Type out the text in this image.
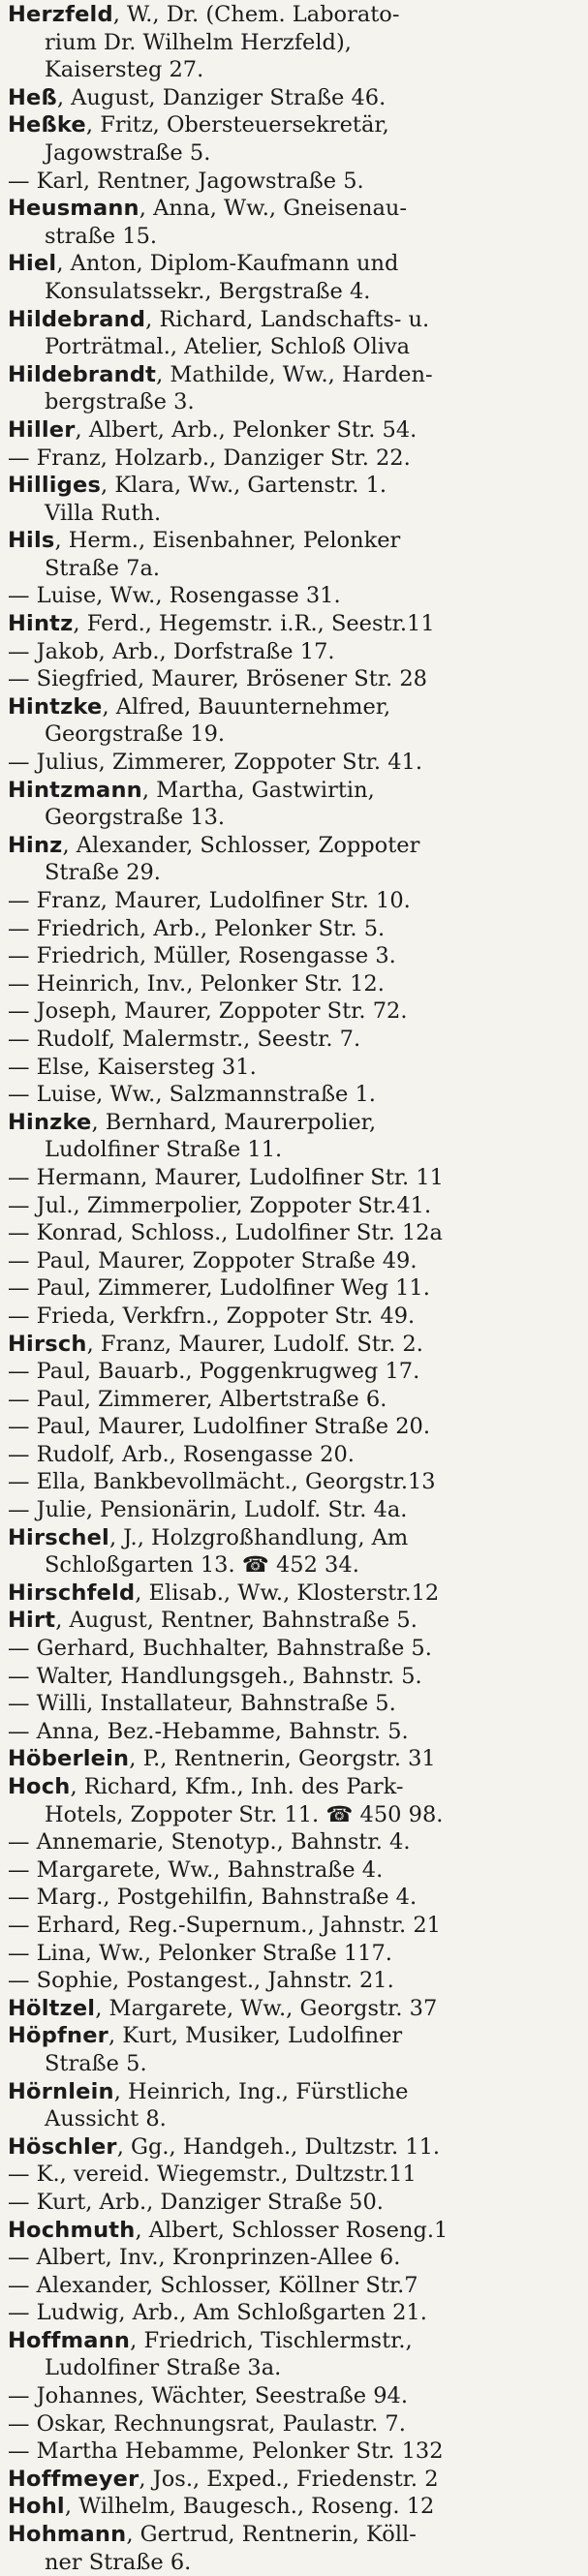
Herzfeld, W., Dr. (Chem. Laborato-
rium Dr. Wilhelm Herzfeld),
Kaisersteg 27.
Heß, August, Danziger Straße 46.
Heßke, Fritz, Obersteuersekretär,
Jagowstraße 5.
— Karl, Rentner, Jagowstraße 5.
Heusmann, Anna, Ww., Gneisenau-
straße 15.
Hiel, Anton, Diplom-Kaufmann und
Konsulatssekr., Bergstraße 4.
Hildebrand, Richard, Landschafts- u.
Porträtmal., Atelier, Schloß Oliva
Hildebrandt, Mathilde, Ww., Harden-
bergstraße 3.
Hiller, Albert, Arb., Pelonker Str. 54.
— Franz, Holzarb., Danziger Str. 22.
Hilliges, Klara, Ww., Gartenstr. 1.
Villa Ruth.
Hils, Herm., Eisenbahner, Pelonker
Straße 7a.
— Luise, Ww., Rosengasse 31.
Hintz, Ferd., Hegemstr. i.R., Seestr.11
— Jakob, Arb., Dorfstraße 17.
— Siegfried, Maurer, Brösener Str. 28
Hintzke, Alfred, Bauunternehmer,
Georgstraße 19.
— Julius, Zimmerer, Zoppoter Str. 41.
Hintzmann, Martha, Gastwirtin,
Georgstraße 13.
Hinz, Alexander, Schlosser, Zoppoter
Straße 29.
— Franz, Maurer, Ludolfiner Str. 10.
— Friedrich, Arb., Pelonker Str. 5.
— Friedrich, Müller, Rosengasse 3.
— Heinrich, Inv., Pelonker Str. 12.
— Joseph, Maurer, Zoppoter Str. 72.
— Rudolf, Malermstr., Seestr. 7.
— Else, Kaisersteg 31.
— Luise, Ww., Salzmannstraße 1.
Hinzke, Bernhard, Maurerpolier,
Ludolfiner Straße 11.
— Hermann, Maurer, Ludolfiner Str. 11
— Jul., Zimmerpolier, Zoppoter Str.41.
— Konrad, Schloss., Ludolfiner Str. 12a
— Paul, Maurer, Zoppoter Straße 49.
— Paul, Zimmerer, Ludolfiner Weg 11.
— Frieda, Verkfrn., Zoppoter Str. 49.
Hirsch, Franz, Maurer, Ludolf. Str. 2.
— Paul, Bauarb., Poggenkrugweg 17.
— Paul, Zimmerer, Albertstraße 6.
— Paul, Maurer, Ludolfiner Straße 20.
— Rudolf, Arb., Rosengasse 20.
— Ella, Bankbevollmächt., Georgstr.13
— Julie, Pensionärin, Ludolf. Str. 4a.
Hirschel, J., Holzgroßhandlung, Am
Schloßgarten 13. ☎ 452 34.
Hirschfeld, Elisab., Ww., Klosterstr.12
Hirt, August, Rentner, Bahnstraße 5.
— Gerhard, Buchhalter, Bahnstraße 5.
— Walter, Handlungsgeh., Bahnstr. 5.
— Willi, Installateur, Bahnstraße 5.
— Anna, Bez.-Hebamme, Bahnstr. 5.
Höberlein, P., Rentnerin, Georgstr. 31
Hoch, Richard, Kfm., Inh. des Park-
Hotels, Zoppoter Str. 11. ☎ 450 98.
— Annemarie, Stenotyp., Bahnstr. 4.
— Margarete, Ww., Bahnstraße 4.
— Marg., Postgehilfin, Bahnstraße 4.
— Erhard, Reg.-Supernum., Jahnstr. 21
— Lina, Ww., Pelonker Straße 117.
— Sophie, Postangest., Jahnstr. 21.
Höltzel, Margarete, Ww., Georgstr. 37
Höpfner, Kurt, Musiker, Ludolfiner
Straße 5.
Hörnlein, Heinrich, Ing., Fürstliche
Aussicht 8.
Höschler, Gg., Handgeh., Dultzstr. 11.
— K., vereid. Wiegemstr., Dultzstr.11
— Kurt, Arb., Danziger Straße 50.
Hochmuth, Albert, Schlosser Roseng.1
— Albert, Inv., Kronprinzen-Allee 6.
— Alexander, Schlosser, Köllner Str.7
— Ludwig, Arb., Am Schloßgarten 21.
Hoffmann, Friedrich, Tischlermstr.,
Ludolfiner Straße 3a.
— Johannes, Wächter, Seestraße 94.
— Oskar, Rechnungsrat, Paulastr. 7.
— Martha Hebamme, Pelonker Str. 132
Hoffmeyer, Jos., Exped., Friedenstr. 2
Hohl, Wilhelm, Baugesch., Roseng. 12
Hohmann, Gertrud, Rentnerin, Köll-
ner Straße 6.
